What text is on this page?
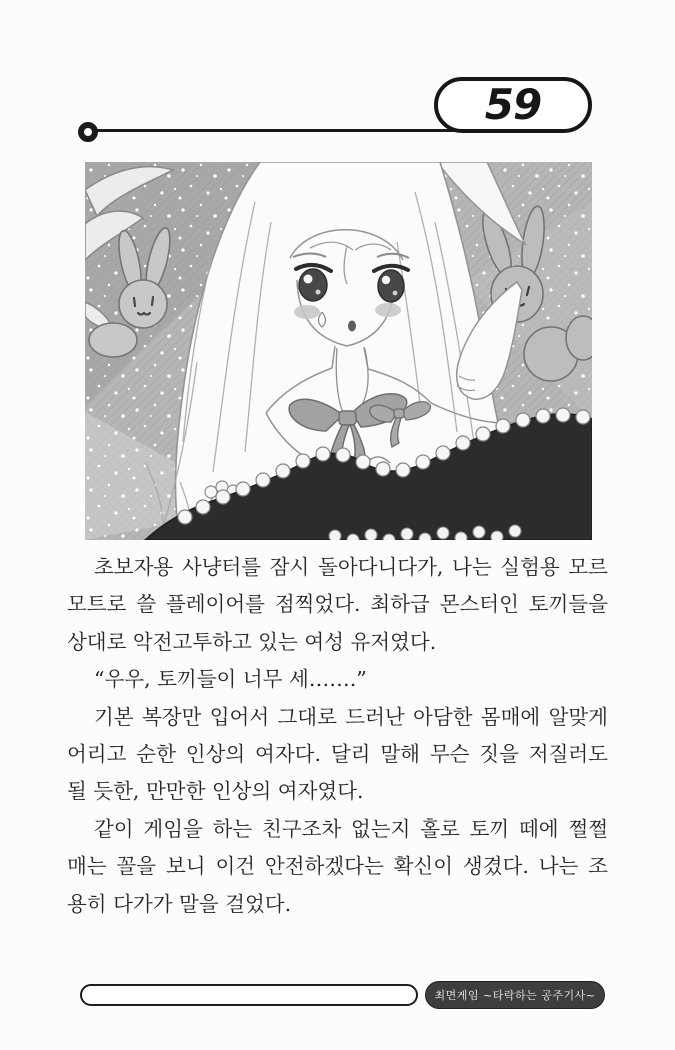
59
초보자용 사냥터를 잠시 돌아다니다가, 나는 실험용 모르
모트로 쓸 플레이어를 점찍었다. 최하급 몬스터인 토끼들을
상대로 악전고투하고 있는 여성 유저였다.
“우우, 토끼들이 너무 세…….”
기본 복장만 입어서 그대로 드러난 아담한 몸매에 알맞게
어리고 순한 인상의 여자다. 달리 말해 무슨 짓을 저질러도
될 듯한, 만만한 인상의 여자였다.
같이 게임을 하는 친구조차 없는지 홀로 토끼 떼에 쩔쩔
매는 꼴을 보니 이건 안전하겠다는 확신이 생겼다. 나는 조
용히 다가가 말을 걸었다.
최면게임 ~타락하는 공주기사~
